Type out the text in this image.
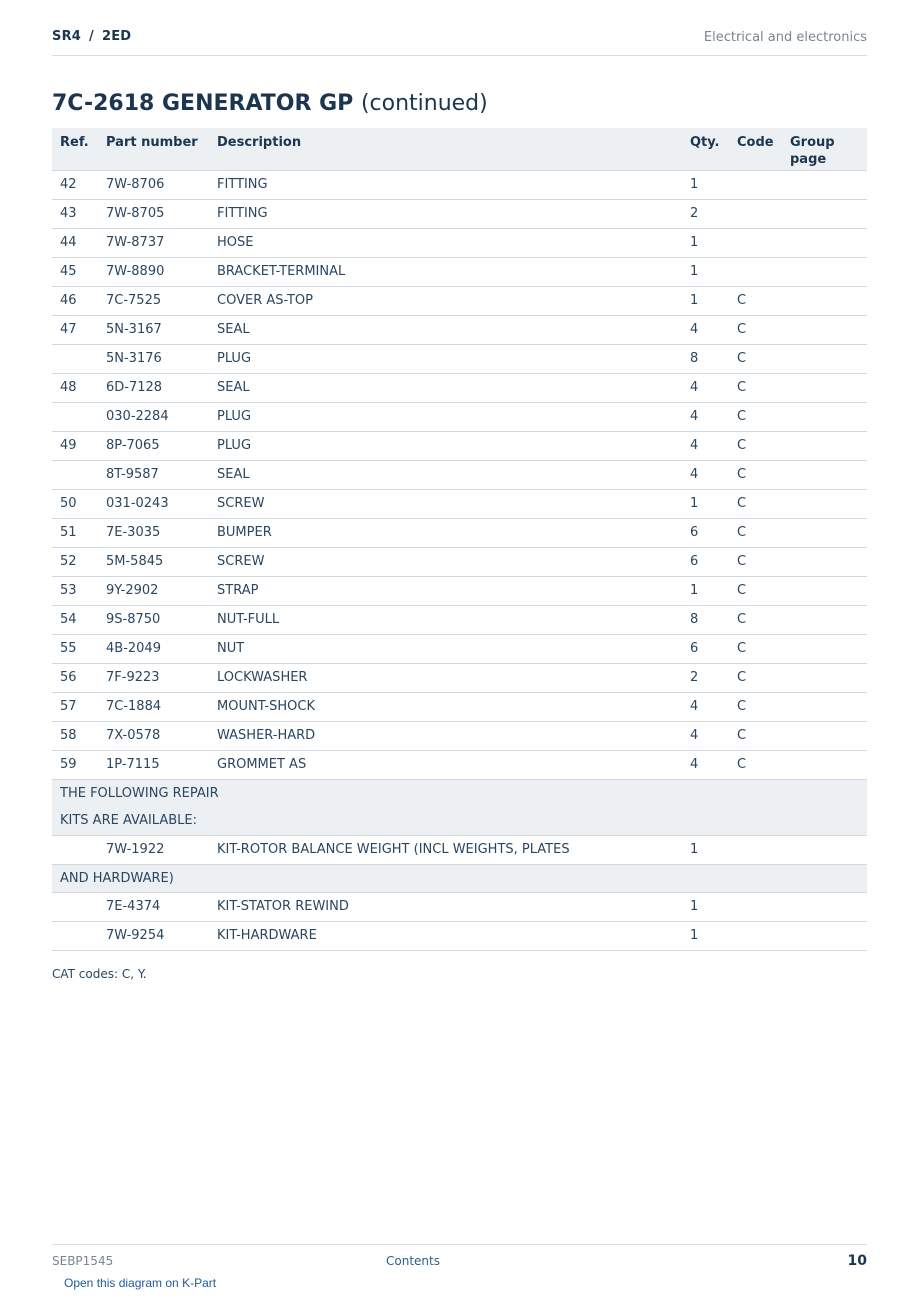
SR4 / 2ED	Electrical and electronics
7C-2618 GENERATOR GP (continued)
Ref.	Part number	Description	Qty.	Code	Group page
42	7W-8706	FITTING	1		
43	7W-8705	FITTING	2		
44	7W-8737	HOSE	1		
45	7W-8890	BRACKET-TERMINAL	1		
46	7C-7525	COVER AS-TOP	1	C	
47	5N-3167	SEAL	4	C	
	5N-3176	PLUG	8	C	
48	6D-7128	SEAL	4	C	
	030-2284	PLUG	4	C	
49	8P-7065	PLUG	4	C	
	8T-9587	SEAL	4	C	
50	031-0243	SCREW	1	C	
51	7E-3035	BUMPER	6	C	
52	5M-5845	SCREW	6	C	
53	9Y-2902	STRAP	1	C	
54	9S-8750	NUT-FULL	8	C	
55	4B-2049	NUT	6	C	
56	7F-9223	LOCKWASHER	2	C	
57	7C-1884	MOUNT-SHOCK	4	C	
58	7X-0578	WASHER-HARD	4	C	
59	1P-7115	GROMMET AS	4	C	
THE FOLLOWING REPAIR					
KITS ARE AVAILABLE:					
	7W-1922	KIT-ROTOR BALANCE WEIGHT (INCL WEIGHTS, PLATES	1		
AND HARDWARE)					
	7E-4374	KIT-STATOR REWIND	1		
	7W-9254	KIT-HARDWARE	1		
CAT codes: C, Y.
SEBP1545	Contents	10
Open this diagram on K-Part
